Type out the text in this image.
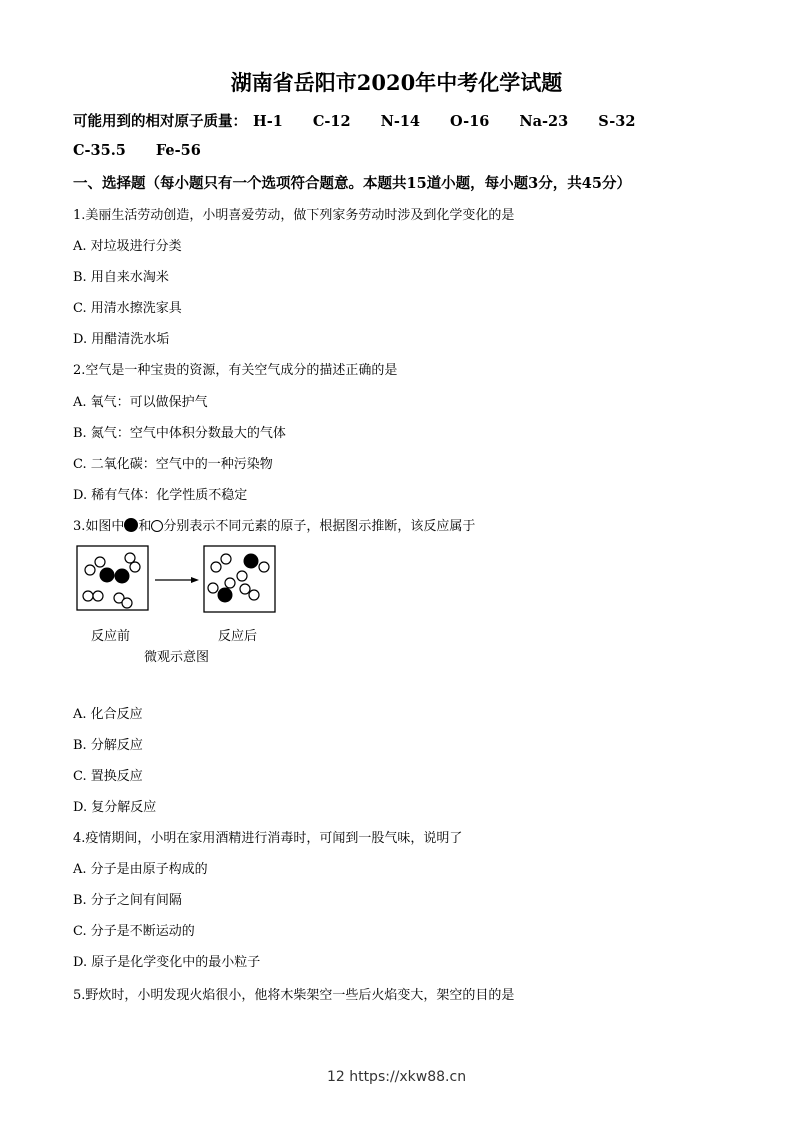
湖南省岳阳市2020年中考化学试题
可能用到的相对原子质量： H-1 C-12 N-14 O-16 Na-23 S-32
C-35.5 Fe-56
一、选择题（每小题只有一个选项符合题意。本题共15道小题，每小题3分，共45分）
1.美丽生活劳动创造，小明喜爱劳动，做下列家务劳动时涉及到化学变化的是
A. 对垃圾进行分类
B. 用自来水淘米
C. 用清水擦洗家具
D. 用醋清洗水垢
2.空气是一种宝贵的资源，有关空气成分的描述正确的是
A. 氧气：可以做保护气
B. 氮气：空气中体积分数最大的气体
C. 二氧化碳：空气中的一种污染物
D. 稀有气体：化学性质不稳定
3.如图中 和 分别表示不同元素的原子，根据图示推断，该反应属于
反应前	反应后
微观示意图
A. 化合反应
B. 分解反应
C. 置换反应
D. 复分解反应
4.疫情期间，小明在家用酒精进行消毒时，可闻到一股气味，说明了
A. 分子是由原子构成的
B. 分子之间有间隔
C. 分子是不断运动的
D. 原子是化学变化中的最小粒子
5.野炊时，小明发现火焰很小，他将木柴架空一些后火焰变大，架空的目的是
12 https://xkw88.cn
